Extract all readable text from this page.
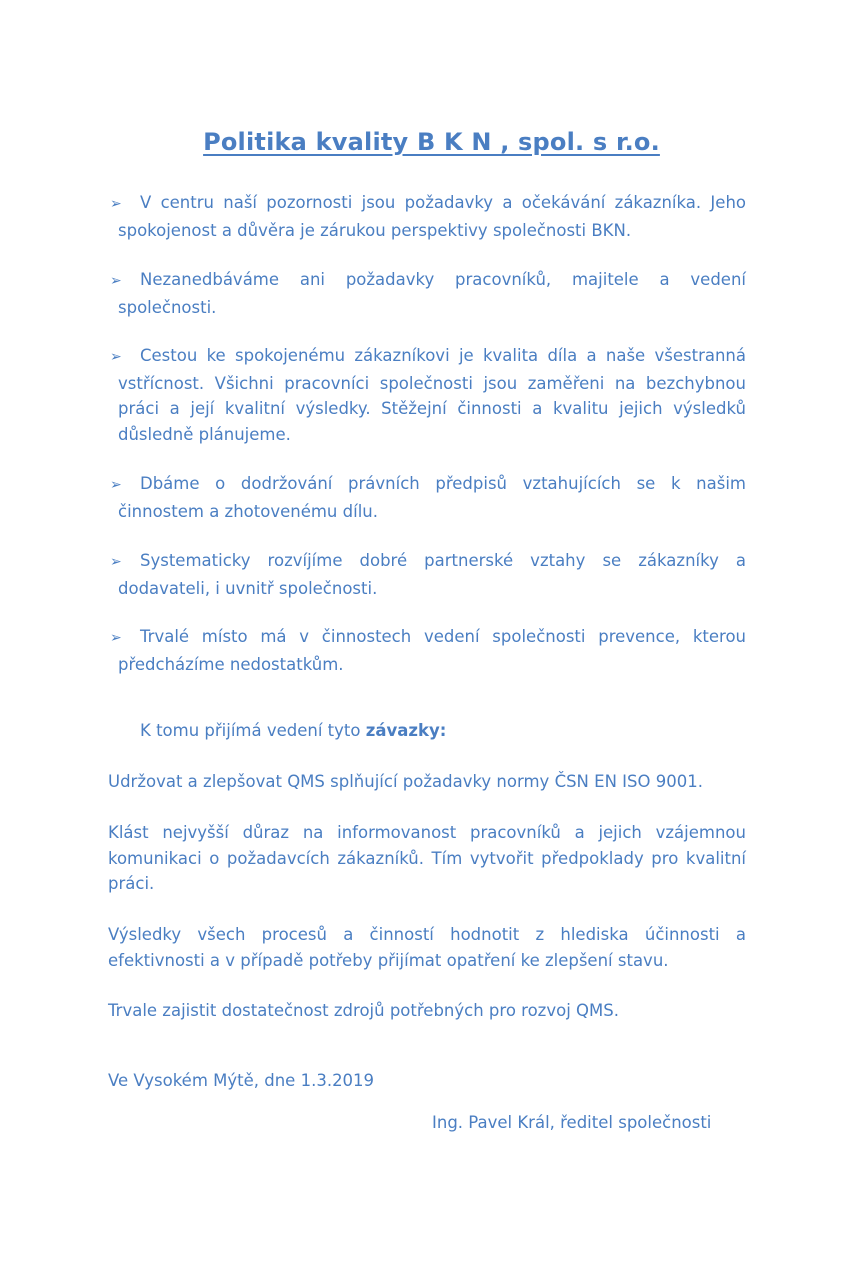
Politika kvality B K N , spol. s r.o.
➢ V centru naší pozornosti jsou požadavky a očekávání zákazníka. Jeho
spokojenost a důvěra je zárukou perspektivy společnosti BKN.
➢ Nezanedbáváme ani požadavky pracovníků, majitele a vedení
společnosti.
➢ Cestou ke spokojenému zákazníkovi je kvalita díla a naše všestranná
vstřícnost. Všichni pracovníci společnosti jsou zaměřeni na bezchybnou práci a její kvalitní výsledky. Stěžejní činnosti a kvalitu jejich výsledků důsledně plánujeme.
➢ Dbáme o dodržování právních předpisů vztahujících se k našim
činnostem a zhotovenému dílu.
➢ Systematicky rozvíjíme dobré partnerské vztahy se zákazníky a
dodavateli, i uvnitř společnosti.
➢ Trvalé místo má v činnostech vedení společnosti prevence, kterou
předcházíme nedostatkům.
K tomu přijímá vedení tyto závazky:
Udržovat a zlepšovat QMS splňující požadavky normy ČSN EN ISO 9001.
Klást nejvyšší důraz na informovanost pracovníků a jejich vzájemnou komunikaci o požadavcích zákazníků. Tím vytvořit předpoklady pro kvalitní práci.
Výsledky všech procesů a činností hodnotit z hlediska účinnosti a efektivnosti a v případě potřeby přijímat opatření ke zlepšení stavu.
Trvale zajistit dostatečnost zdrojů potřebných pro rozvoj QMS.
Ve Vysokém Mýtě, dne 1.3.2019
Ing. Pavel Král, ředitel společnosti
